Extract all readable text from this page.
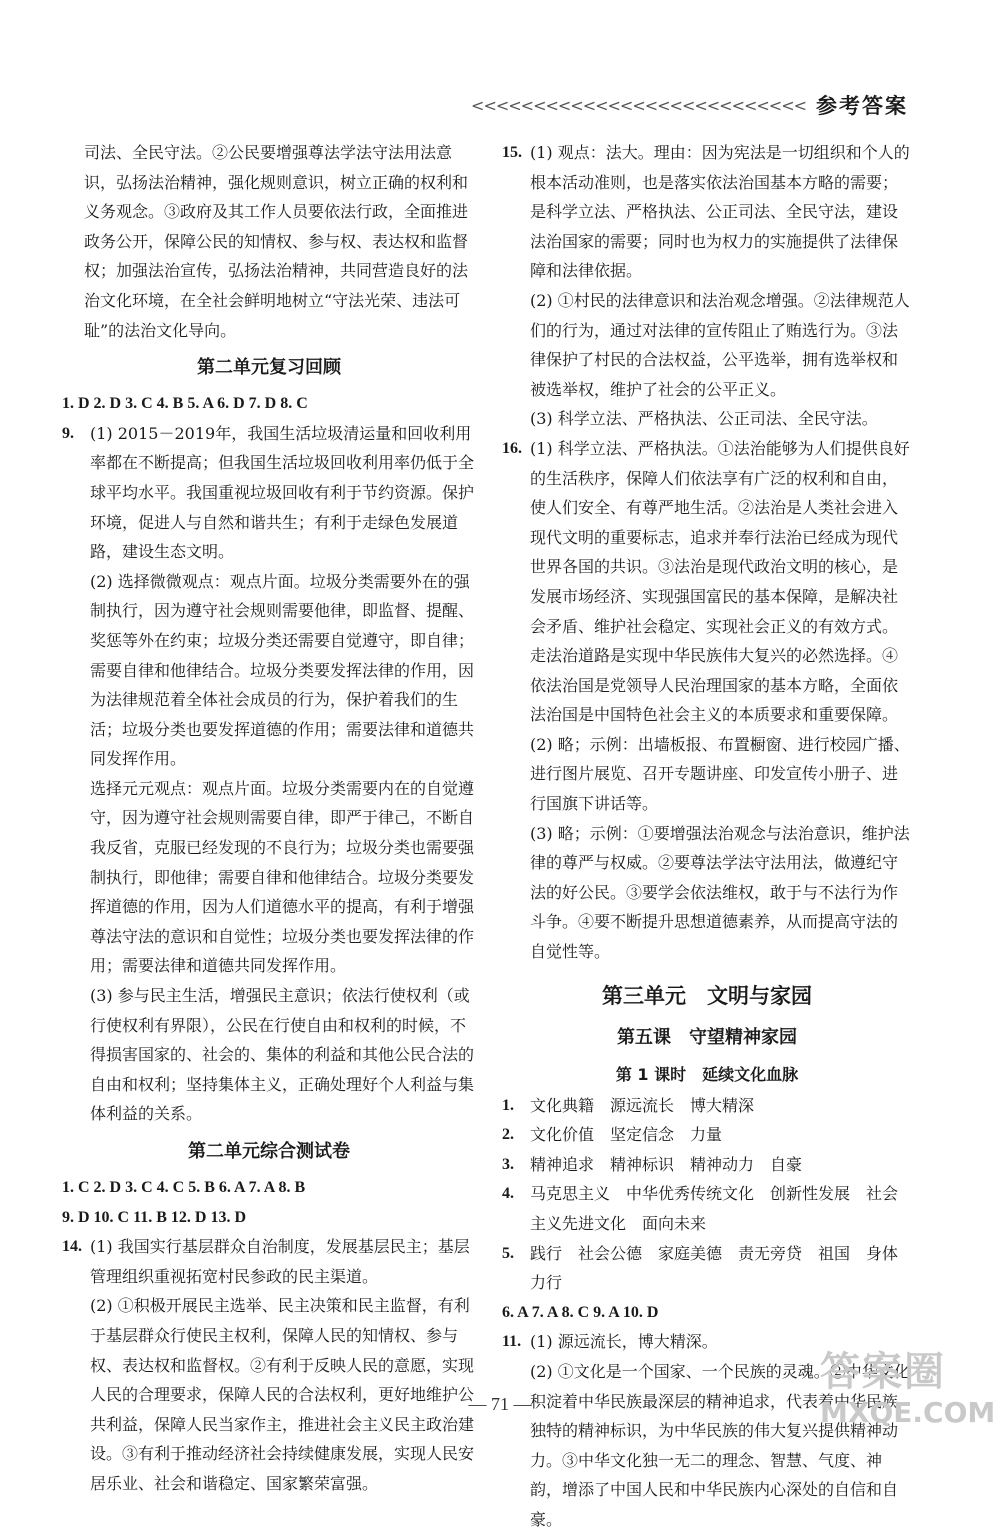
<<<<<<<<<<<<<<<<<<<<<<<<<<< 参考答案

司法、全民守法。②公民要增强尊法学法守法用法意识，弘扬法治精神，强化规则意识，树立正确的权利和义务观念。③政府及其工作人员要依法行政，全面推进政务公开，保障公民的知情权、参与权、表达权和监督权；加强法治宣传，弘扬法治精神，共同营造良好的法治文化环境，在全社会鲜明地树立“守法光荣、违法可耻”的法治文化导向。

第二单元复习回顾

1. D 2. D 3. C 4. B 5. A 6. D 7. D 8. C

9.	(1) 2015－2019年，我国生活垃圾清运量和回收利用率都在不断提高；但我国生活垃圾回收利用率仍低于全球平均水平。我国重视垃圾回收有利于节约资源。保护环境，促进人与自然和谐共生；有利于走绿色发展道路，建设生态文明。

(2) 选择微微观点：观点片面。垃圾分类需要外在的强制执行，因为遵守社会规则需要他律，即监督、提醒、奖惩等外在约束；垃圾分类还需要自觉遵守，即自律；需要自律和他律结合。垃圾分类要发挥法律的作用，因为法律规范着全体社会成员的行为，保护着我们的生活；垃圾分类也要发挥道德的作用；需要法律和道德共同发挥作用。

选择元元观点：观点片面。垃圾分类需要内在的自觉遵守，因为遵守社会规则需要自律，即严于律己，不断自我反省，克服已经发现的不良行为；垃圾分类也需要强制执行，即他律；需要自律和他律结合。垃圾分类要发挥道德的作用，因为人们道德水平的提高，有利于增强尊法守法的意识和自觉性；垃圾分类也要发挥法律的作用；需要法律和道德共同发挥作用。

(3) 参与民主生活，增强民主意识；依法行使权利（或行使权利有界限），公民在行使自由和权利的时候，不得损害国家的、社会的、集体的利益和其他公民合法的自由和权利；坚持集体主义，正确处理好个人利益与集体利益的关系。

第二单元综合测试卷

1. C 2. D 3. C 4. C 5. B 6. A 7. A 8. B

9. D 10. C 11. B 12. D 13. D

14. (1) 我国实行基层群众自治制度，发展基层民主；基层管理组织重视拓宽村民参政的民主渠道。

(2) ①积极开展民主选举、民主决策和民主监督，有利于基层群众行使民主权利，保障人民的知情权、参与权、表达权和监督权。②有利于反映人民的意愿，实现人民的合理要求，保障人民的合法权利，更好地维护公共利益，保障人民当家作主，推进社会主义民主政治建设。③有利于推动经济社会持续健康发展，实现人民安居乐业、社会和谐稳定、国家繁荣富强。

15. (1) 观点：法大。理由：因为宪法是一切组织和个人的根本活动准则，也是落实依法治国基本方略的需要；是科学立法、严格执法、公正司法、全民守法，建设法治国家的需要；同时也为权力的实施提供了法律保障和法律依据。

(2) ①村民的法律意识和法治观念增强。②法律规范人们的行为，通过对法律的宣传阻止了贿选行为。③法律保护了村民的合法权益，公平选举，拥有选举权和被选举权，维护了社会的公平正义。

(3) 科学立法、严格执法、公正司法、全民守法。

16. (1) 科学立法、严格执法。①法治能够为人们提供良好的生活秩序，保障人们依法享有广泛的权利和自由，使人们安全、有尊严地生活。②法治是人类社会进入现代文明的重要标志，追求并奉行法治已经成为现代世界各国的共识。③法治是现代政治文明的核心，是发展市场经济、实现强国富民的基本保障，是解决社会矛盾、维护社会稳定、实现社会正义的有效方式。走法治道路是实现中华民族伟大复兴的必然选择。④依法治国是党领导人民治理国家的基本方略，全面依法治国是中国特色社会主义的本质要求和重要保障。

(2) 略；示例：出墙板报、布置橱窗、进行校园广播、进行图片展览、召开专题讲座、印发宣传小册子、进行国旗下讲话等。

(3) 略；示例：①要增强法治观念与法治意识，维护法律的尊严与权威。②要尊法学法守法用法，做遵纪守法的好公民。③要学会依法维权，敢于与不法行为作斗争。④要不断提升思想道德素养，从而提高守法的自觉性等。

第三单元　文明与家园
第五课　守望精神家园
第 1 课时　延续文化血脉
1.	文化典籍　源远流长　博大精深
2.	文化价值　坚定信念　力量
3.	精神追求　精神标识　精神动力　自豪
4.	马克思主义　中华优秀传统文化　创新性发展　社会主义先进文化　面向未来
5.	践行　社会公德　家庭美德　责无旁贷　祖国　身体力行

6. A 7. A 8. C 9. A 10. D

11. (1) 源远流长，博大精深。

(2) ①文化是一个国家、一个民族的灵魂。②中华文化积淀着中华民族最深层的精神追求，代表着中华民族独特的精神标识，为中华民族的伟大复兴提供精神动力。③中华文化独一无二的理念、智慧、气度、神韵，增添了中国人民和中华民族内心深处的自信和自豪。

— 71 —
答案圈
MXQE.COM
